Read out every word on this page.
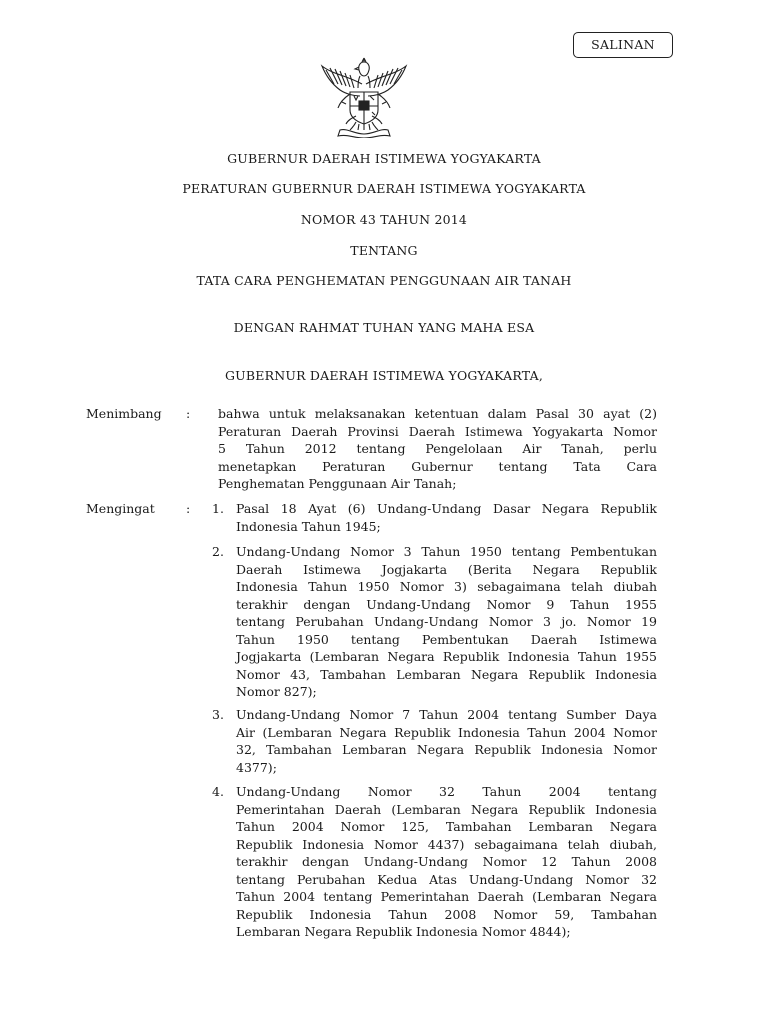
SALINAN
GUBERNUR DAERAH ISTIMEWA YOGYAKARTA
PERATURAN GUBERNUR DAERAH ISTIMEWA YOGYAKARTA
NOMOR 43 TAHUN 2014
TENTANG
TATA CARA PENGHEMATAN PENGGUNAAN AIR TANAH
DENGAN RAHMAT TUHAN YANG MAHA ESA
GUBERNUR DAERAH ISTIMEWA YOGYAKARTA,
Menimbang : bahwa untuk melaksanakan ketentuan dalam Pasal 30 ayat (2)
Peraturan Daerah Provinsi Daerah Istimewa Yogyakarta Nomor
5 Tahun 2012 tentang Pengelolaan Air Tanah, perlu
menetapkan Peraturan Gubernur tentang Tata Cara
Penghematan Penggunaan Air Tanah;
Mengingat : 1. Pasal 18 Ayat (6) Undang-Undang Dasar Negara Republik
Indonesia Tahun 1945;
2. Undang-Undang Nomor 3 Tahun 1950 tentang Pembentukan
Daerah Istimewa Jogjakarta (Berita Negara Republik
Indonesia Tahun 1950 Nomor 3) sebagaimana telah diubah
terakhir dengan Undang-Undang Nomor 9 Tahun 1955
tentang Perubahan Undang-Undang Nomor 3 jo. Nomor 19
Tahun 1950 tentang Pembentukan Daerah Istimewa
Jogjakarta (Lembaran Negara Republik Indonesia Tahun 1955
Nomor 43, Tambahan Lembaran Negara Republik Indonesia
Nomor 827);
3. Undang-Undang Nomor 7 Tahun 2004 tentang Sumber Daya
Air (Lembaran Negara Republik Indonesia Tahun 2004 Nomor
32, Tambahan Lembaran Negara Republik Indonesia Nomor
4377);
4. Undang-Undang Nomor 32 Tahun 2004 tentang
Pemerintahan Daerah (Lembaran Negara Republik Indonesia
Tahun 2004 Nomor 125, Tambahan Lembaran Negara
Republik Indonesia Nomor 4437) sebagaimana telah diubah,
terakhir dengan Undang-Undang Nomor 12 Tahun 2008
tentang Perubahan Kedua Atas Undang-Undang Nomor 32
Tahun 2004 tentang Pemerintahan Daerah (Lembaran Negara
Republik Indonesia Tahun 2008 Nomor 59, Tambahan
Lembaran Negara Republik Indonesia Nomor 4844);
